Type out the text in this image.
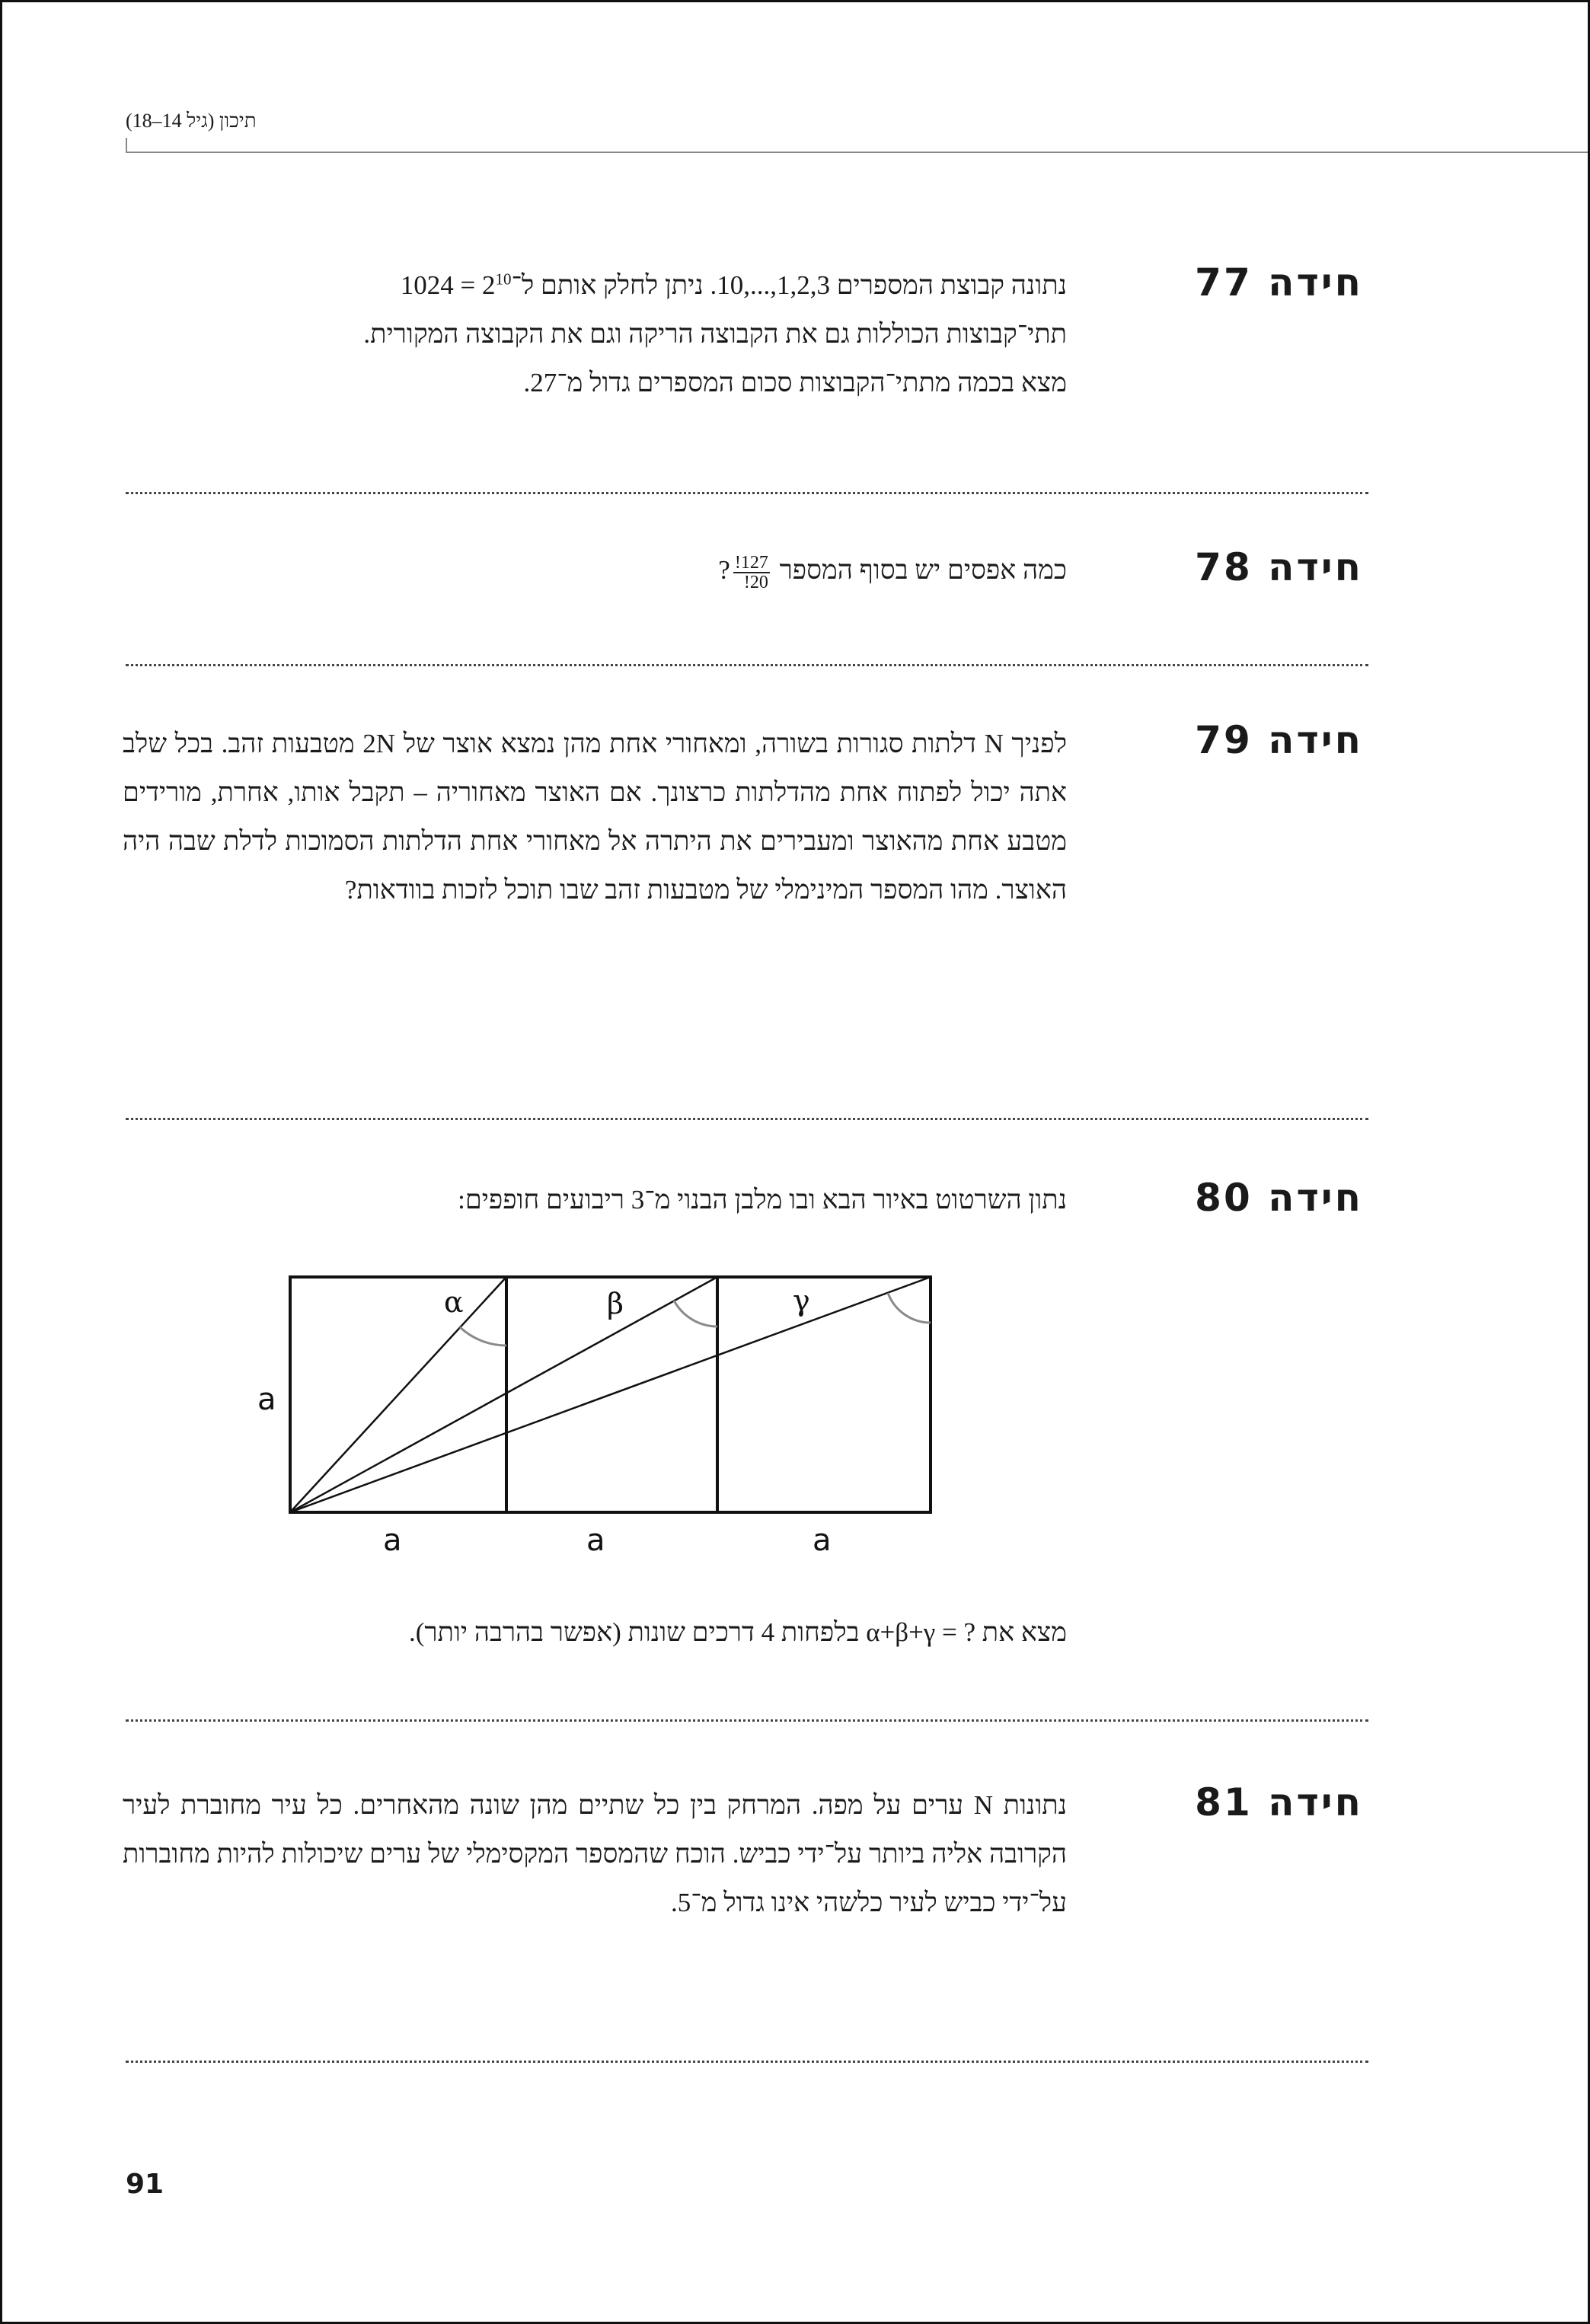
תיכון (גיל 14–18)
חידה 77
נתונה קבוצת המספרים 1,2,3,...,10. ניתן לחלק אותם $ל־2^{10} = 1024$
תתי־קבוצות הכוללות גם את הקבוצה הריקה וגם את הקבוצה המקורית.
מצא בכמה מתתי־הקבוצות סכום המספרים גדול מ־27.
חידה 78
כמה אפסים יש בסוף המספר
$\frac{127!}{20!}$
?
חידה 79
לפניך N דלתות סגורות בשורה, ומאחורי אחת מהן נמצא אוצר של 2N מטבעות זהב. בכל שלב אתה יכול לפתוח אחת מהדלתות כרצונך. אם האוצר מאחוריה – תקבל אותו, אחרת, מורידים מטבע אחת מהאוצר ומעבירים את היתרה אל מאחורי אחת הדלתות הסמוכות לדלת שבה היה האוצר. מהו המספר המינימלי של מטבעות זהב שבו תוכל לזכות בוודאות?
חידה 80
נתון השרטוט באיור הבא ובו מלבן הבנוי מ־3 ריבועים חופפים:
α	β	γ
a
a	a	a
מצא את ? = α+β+γ בלפחות 4 דרכים שונות (אפשר בהרבה יותר).
חידה 81
נתונות N ערים על מפה. המרחק בין כל שתיים מהן שונה מהאחרים. כל עיר מחוברת לעיר הקרובה אליה ביותר על־ידי כביש. הוכח שהמספר המקסימלי של ערים שיכולות להיות מחוברות על־ידי כביש לעיר כלשהי אינו גדול מ־5.
91
